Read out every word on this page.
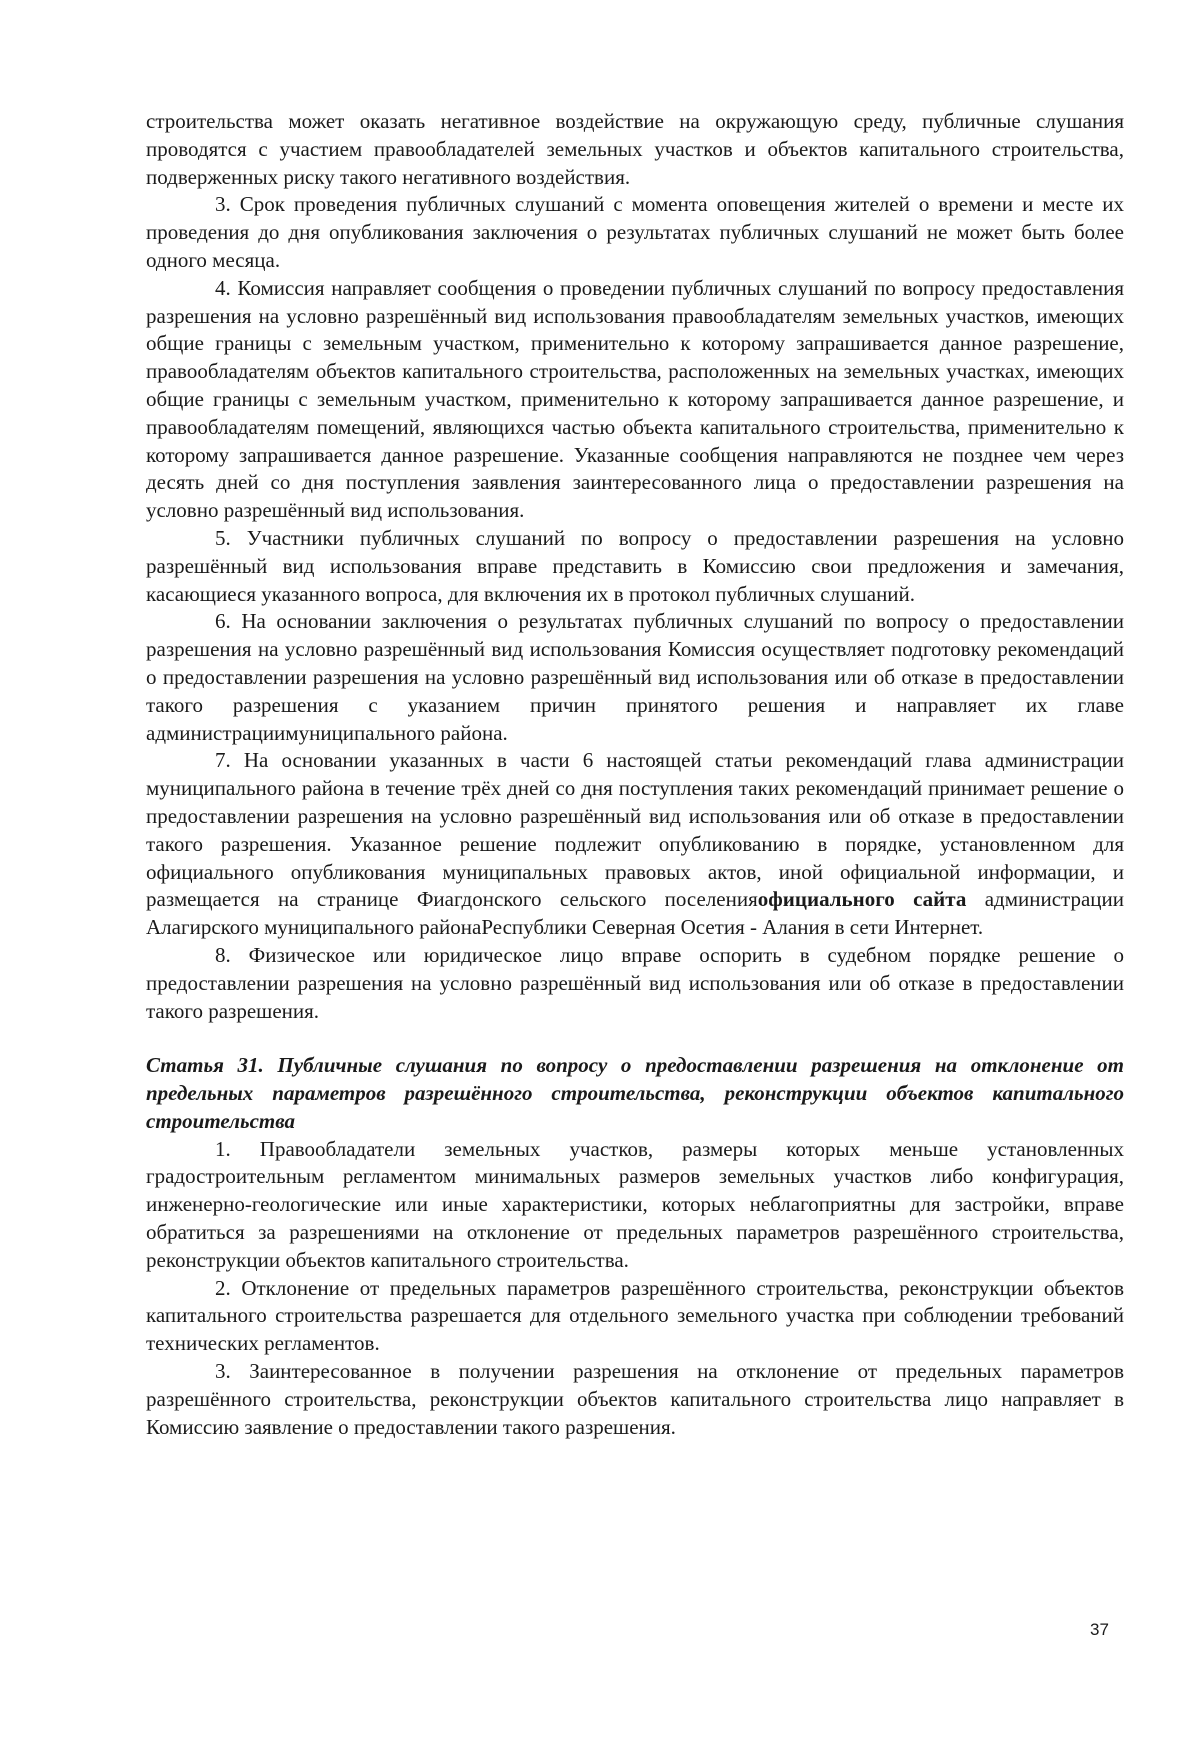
строительства может оказать негативное воздействие на окружающую среду, публичные слушания проводятся с участием правообладателей земельных участков и объектов капитального строительства, подверженных риску такого негативного воздействия.

3. Срок проведения публичных слушаний с момента оповещения жителей о времени и месте их проведения до дня опубликования заключения о результатах публичных слушаний не может быть более одного месяца.

4. Комиссия направляет сообщения о проведении публичных слушаний по вопросу предоставления разрешения на условно разрешённый вид использования правообладателям земельных участков, имеющих общие границы с земельным участком, применительно к которому запрашивается данное разрешение, правообладателям объектов капитального строительства, расположенных на земельных участках, имеющих общие границы с земельным участком, применительно к которому запрашивается данное разрешение, и правообладателям помещений, являющихся частью объекта капитального строительства, применительно к которому запрашивается данное разрешение. Указанные сообщения направляются не позднее чем через десять дней со дня поступления заявления заинтересованного лица о предоставлении разрешения на условно разрешённый вид использования.

5. Участники публичных слушаний по вопросу о предоставлении разрешения на условно разрешённый вид использования вправе представить в Комиссию свои предложения и замечания, касающиеся указанного вопроса, для включения их в протокол публичных слушаний.

6. На основании заключения о результатах публичных слушаний по вопросу о предоставлении разрешения на условно разрешённый вид использования Комиссия осуществляет подготовку рекомендаций о предоставлении разрешения на условно разрешённый вид использования или об отказе в предоставлении такого разрешения с указанием причин принятого решения и направляет их главе администрациимуниципального района.

7. На основании указанных в части 6 настоящей статьи рекомендаций глава администрации муниципального района в течение трёх дней со дня поступления таких рекомендаций принимает решение о предоставлении разрешения на условно разрешённый вид использования или об отказе в предоставлении такого разрешения. Указанное решение подлежит опубликованию в порядке, установленном для официального опубликования муниципальных правовых актов, иной официальной информации, и размещается на странице Фиагдонского сельского поселенияофициального сайта администрации Алагирского муниципального районаРеспублики Северная Осетия - Алания в сети Интернет.

8. Физическое или юридическое лицо вправе оспорить в судебном порядке решение о предоставлении разрешения на условно разрешённый вид использования или об отказе в предоставлении такого разрешения.

Статья 31. Публичные слушания по вопросу о предоставлении разрешения на отклонение от предельных параметров разрешённого строительства, реконструкции объектов капитального строительства

1. Правообладатели земельных участков, размеры которых меньше установленных градостроительным регламентом минимальных размеров земельных участков либо конфигурация, инженерно-геологические или иные характеристики, которых неблагоприятны для застройки, вправе обратиться за разрешениями на отклонение от предельных параметров разрешённого строительства, реконструкции объектов капитального строительства.

2. Отклонение от предельных параметров разрешённого строительства, реконструкции объектов капитального строительства разрешается для отдельного земельного участка при соблюдении требований технических регламентов.

3. Заинтересованное в получении разрешения на отклонение от предельных параметров разрешённого строительства, реконструкции объектов капитального строительства лицо направляет в Комиссию заявление о предоставлении такого разрешения.

37
